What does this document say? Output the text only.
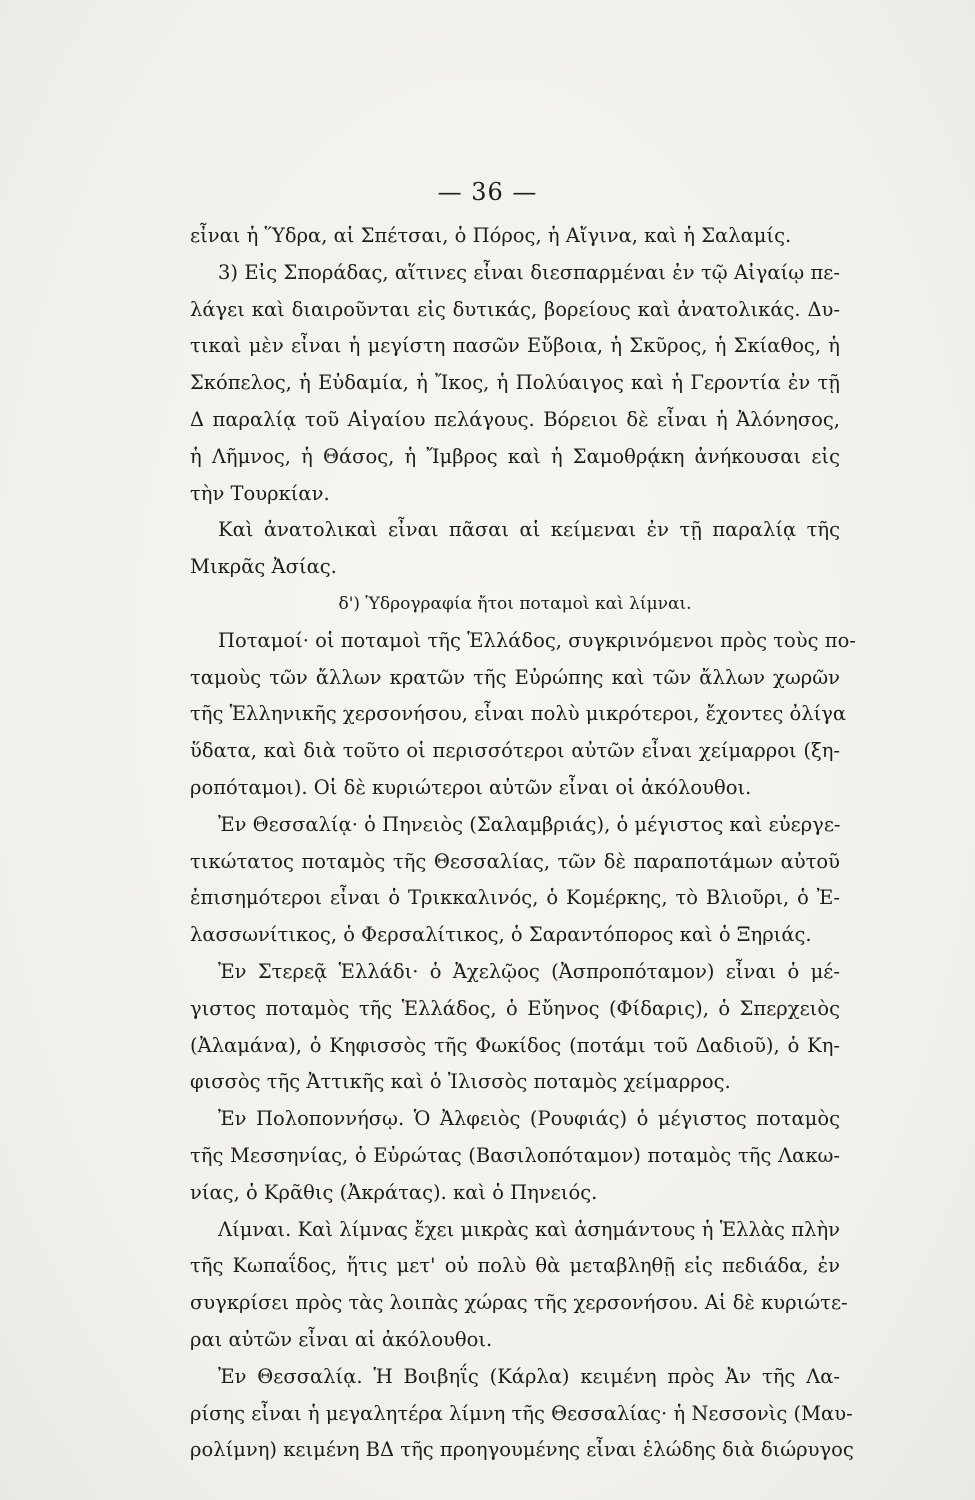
— 36 —
εἶναι ἡ Ὕδρα, αἱ Σπέτσαι, ὁ Πόρος, ἡ Αἴγινα, καὶ ἡ Σαλαμίς.
3) Εἰς Σποράδας, αἵτινες εἶναι διεσπαρμέναι ἐν τῷ Αἰγαίῳ πε-
λάγει καὶ διαιροῦνται εἰς δυτικάς, βορείους καὶ ἀνατολικάς. Δυ-
τικαὶ μὲν εἶναι ἡ μεγίστη πασῶν Εὔβοια, ἡ Σκῦρος, ἡ Σκίαθος, ἡ
Σκόπελος, ἡ Εὐδαμία, ἡ Ἴκος, ἡ Πολύαιγος καὶ ἡ Γεροντία ἐν τῇ
Δ παραλίᾳ τοῦ Αἰγαίου πελάγους. Βόρειοι δὲ εἶναι ἡ Ἀλόνησος,
ἡ Λῆμνος, ἡ Θάσος, ἡ Ἴμβρος καὶ ἡ Σαμοθρᾴκη ἀνήκουσαι εἰς
τὴν Τουρκίαν.
Καὶ ἀνατολικαὶ εἶναι πᾶσαι αἱ κείμεναι ἐν τῇ παραλίᾳ τῆς
Μικρᾶς Ἀσίας.
δ') Ὑδρογραφία ἤτοι ποταμοὶ καὶ λίμναι.
Ποταμοί· οἱ ποταμοὶ τῆς Ἑλλάδος, συγκρινόμενοι πρὸς τοὺς πο-
ταμοὺς τῶν ἄλλων κρατῶν τῆς Εὐρώπης καὶ τῶν ἄλλων χωρῶν
τῆς Ἑλληνικῆς χερσονήσου, εἶναι πολὺ μικρότεροι, ἔχοντες ὀλίγα
ὕδατα, καὶ διὰ τοῦτο οἱ περισσότεροι αὐτῶν εἶναι χείμαρροι (ξη-
ροπόταμοι). Οἱ δὲ κυριώτεροι αὐτῶν εἶναι οἱ ἀκόλουθοι.
Ἐν Θεσσαλίᾳ· ὁ Πηνειὸς (Σαλαμβριάς), ὁ μέγιστος καὶ εὐεργε-
τικώτατος ποταμὸς τῆς Θεσσαλίας, τῶν δὲ παραποτάμων αὐτοῦ
ἐπισημότεροι εἶναι ὁ Τρικκαλινός, ὁ Κομέρκης, τὸ Βλιοῦρι, ὁ Ἐ-
λασσωνίτικος, ὁ Φερσαλίτικος, ὁ Σαραντόπορος καὶ ὁ Ξηριάς.
Ἐν Στερεᾷ Ἑλλάδι· ὁ Ἀχελῷος (Ἀσπροπόταμον) εἶναι ὁ μέ-
γιστος ποταμὸς τῆς Ἑλλάδος, ὁ Εὔηνος (Φίδαρις), ὁ Σπερχειὸς
(Ἀλαμάνα), ὁ Κηφισσὸς τῆς Φωκίδος (ποτάμι τοῦ Δαδιοῦ), ὁ Κη-
φισσὸς τῆς Ἀττικῆς καὶ ὁ Ἰλισσὸς ποταμὸς χείμαρρος.
Ἐν Πολοποννήσῳ. Ὁ Ἀλφειὸς (Ρουφιάς) ὁ μέγιστος ποταμὸς
τῆς Μεσσηνίας, ὁ Εὐρώτας (Βασιλοπόταμον) ποταμὸς τῆς Λακω-
νίας, ὁ Κρᾶθις (Ἀκράτας). καὶ ὁ Πηνειός.
Λίμναι. Καὶ λίμνας ἔχει μικρὰς καὶ ἀσημάντους ἡ Ἑλλὰς πλὴν
τῆς Κωπαΐδος, ἥτις μετ' οὐ πολὺ θὰ μεταβληθῇ εἰς πεδιάδα, ἐν
συγκρίσει πρὸς τὰς λοιπὰς χώρας τῆς χερσονήσου. Αἱ δὲ κυριώτε-
ραι αὐτῶν εἶναι αἱ ἀκόλουθοι.
Ἐν Θεσσαλίᾳ. Ἡ Βοιβηΐς (Κάρλα) κειμένη πρὸς Ἀν τῆς Λα-
ρίσης εἶναι ἡ μεγαλητέρα λίμνη τῆς Θεσσαλίας· ἡ Νεσσονὶς (Μαυ-
ρολίμνη) κειμένη ΒΔ τῆς προηγουμένης εἶναι ἑλώδης διὰ διώρυγος
